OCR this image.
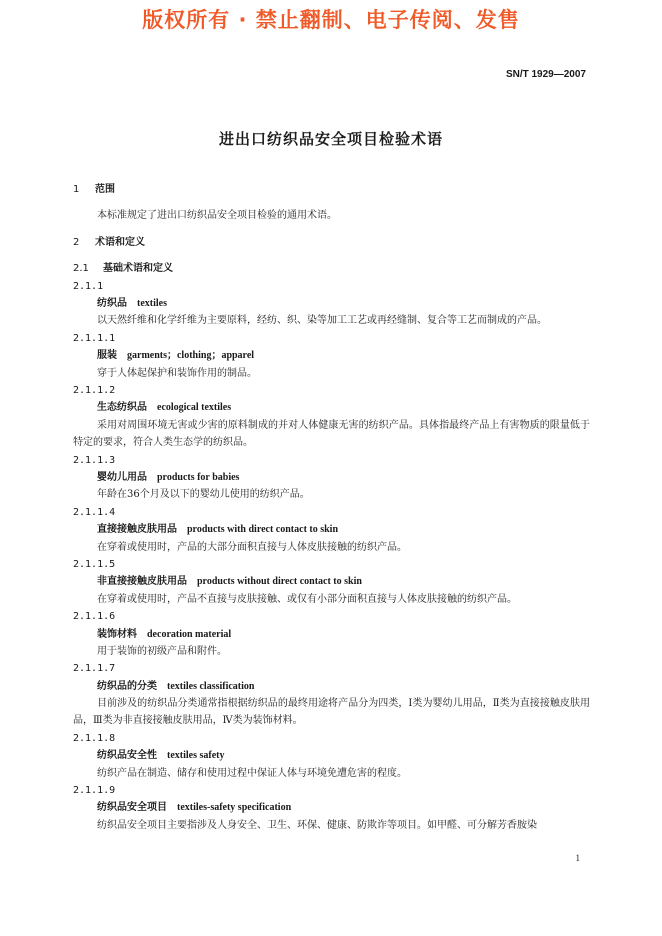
版权所有 · 禁止翻制、电子传阅、发售
SN/T 1929—2007
进出口纺织品安全项目检验术语
1 范围
本标准规定了进出口纺织品安全项目检验的通用术语。
2 术语和定义
2.1 基础术语和定义
2.1.1
纺织品 textiles
以天然纤维和化学纤维为主要原料，经纺、织、染等加工工艺或再经缝制、复合等工艺而制成的产品。
2.1.1.1
服装 garments；clothing；apparel
穿于人体起保护和装饰作用的制品。
2.1.1.2
生态纺织品 ecological textiles
采用对周围环境无害或少害的原料制成的并对人体健康无害的纺织产品。具体指最终产品上有害物质的限量低于特定的要求，符合人类生态学的纺织品。
2.1.1.3
婴幼儿用品 products for babies
年龄在36个月及以下的婴幼儿使用的纺织产品。
2.1.1.4
直接接触皮肤用品 products with direct contact to skin
在穿着或使用时，产品的大部分面积直接与人体皮肤接触的纺织产品。
2.1.1.5
非直接接触皮肤用品 products without direct contact to skin
在穿着或使用时，产品不直接与皮肤接触、或仅有小部分面积直接与人体皮肤接触的纺织产品。
2.1.1.6
装饰材料 decoration material
用于装饰的初级产品和附件。
2.1.1.7
纺织品的分类 textiles classification
目前涉及的纺织品分类通常指根据纺织品的最终用途将产品分为四类，Ⅰ类为婴幼儿用品，Ⅱ类为直接接触皮肤用品，Ⅲ类为非直接接触皮肤用品，Ⅳ类为装饰材料。
2.1.1.8
纺织品安全性 textiles safety
纺织产品在制造、储存和使用过程中保证人体与环境免遭危害的程度。
2.1.1.9
纺织品安全项目 textiles-safety specification
纺织品安全项目主要指涉及人身安全、卫生、环保、健康、防欺诈等项目。如甲醛、可分解芳香胺染
1
